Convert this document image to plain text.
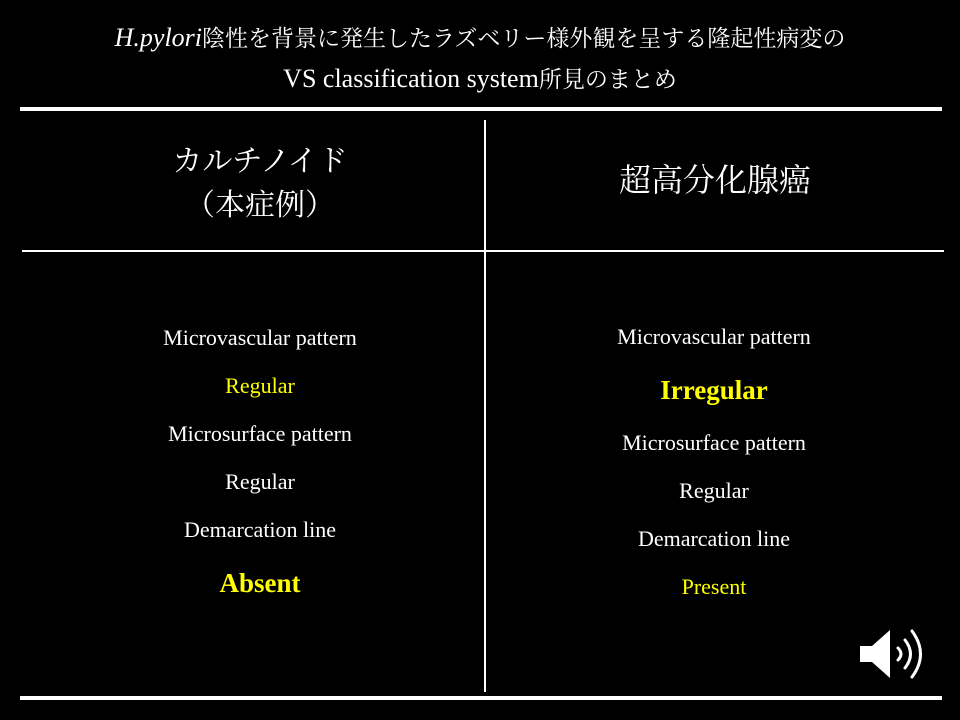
H.pylori陰性を背景に発生したラズベリー様外観を呈する隆起性病変の
VS classification system所見のまとめ
カルチノイド
（本症例）
超高分化腺癌
Microvascular pattern
Regular
Microsurface pattern
Regular
Demarcation line
Absent
Microvascular pattern
Irregular
Microsurface pattern
Regular
Demarcation line
Present
